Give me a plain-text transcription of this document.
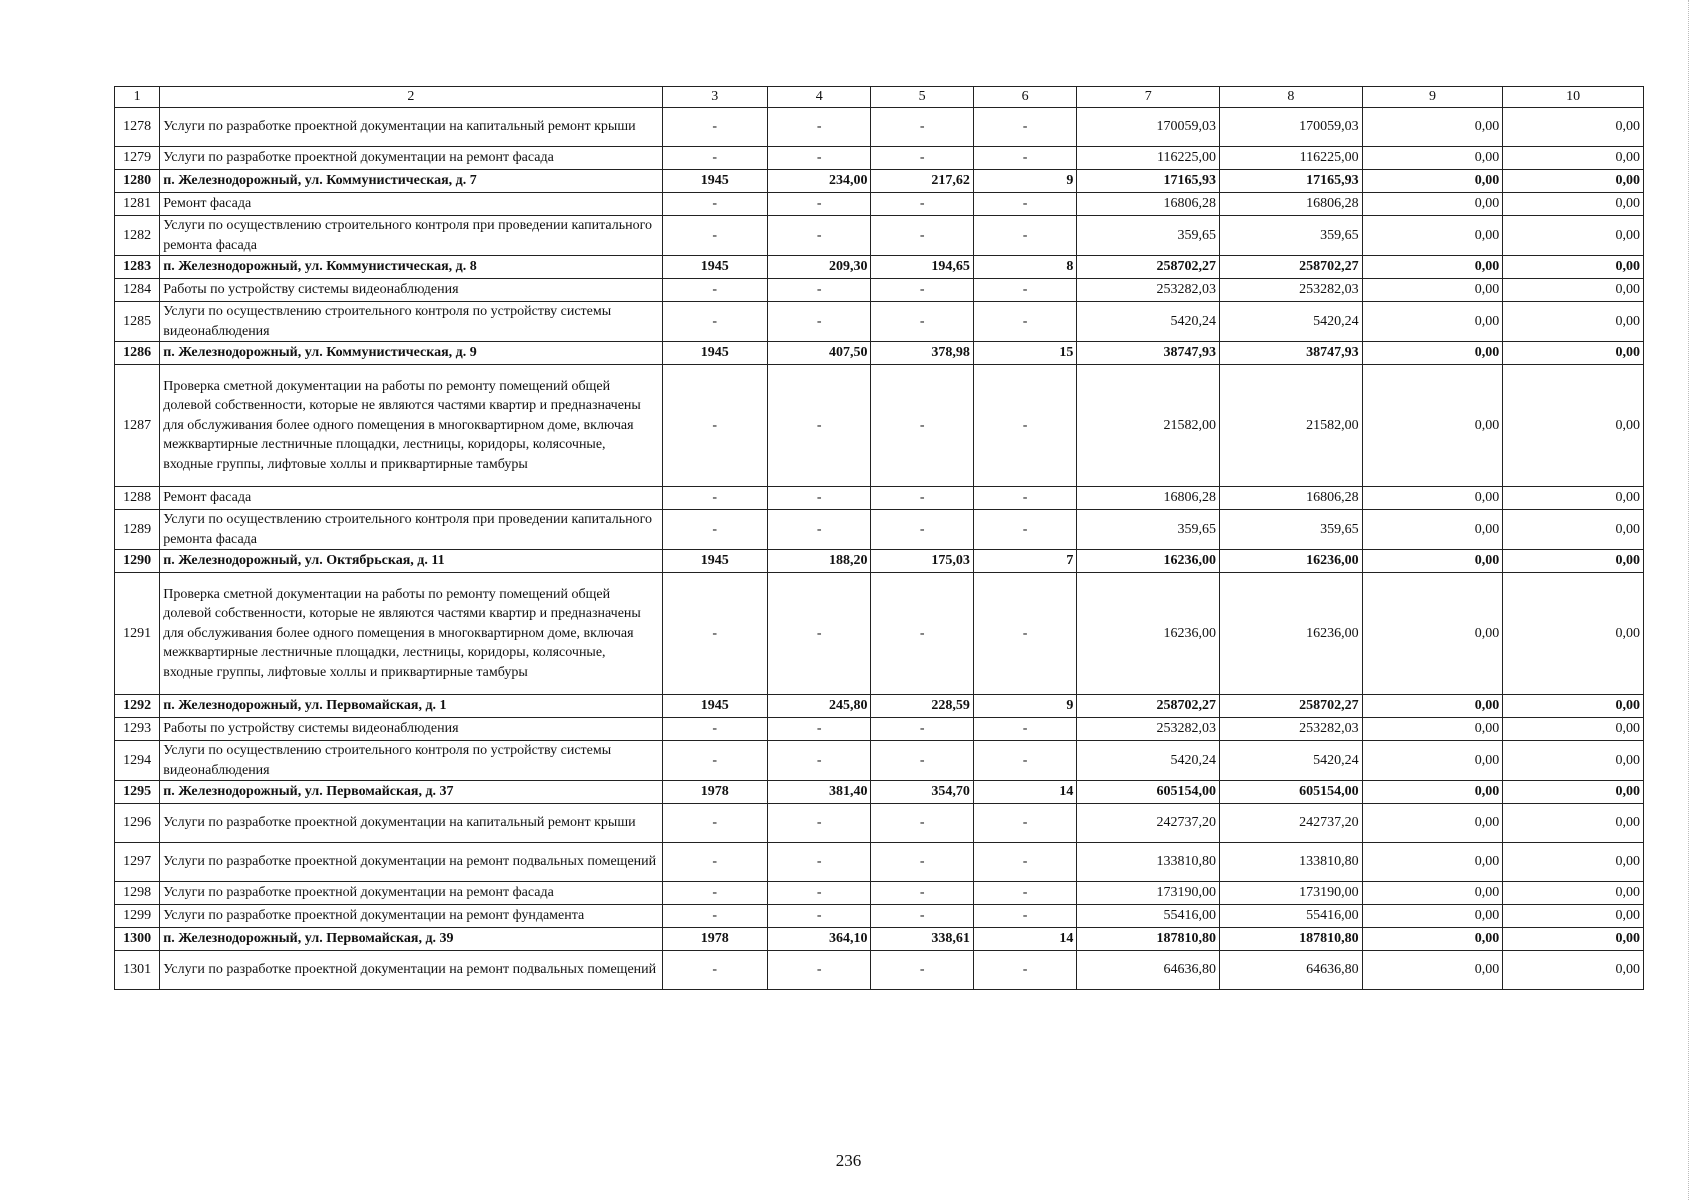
1	2	3	4	5	6	7	8	9	10
1278	Услуги по разработке проектной документации на капитальный ремонт крыши	-	-	-	-	170059,03	170059,03	0,00	0,00
1279	Услуги по разработке проектной документации на ремонт фасада	-	-	-	-	116225,00	116225,00	0,00	0,00
1280	п. Железнодорожный, ул. Коммунистическая, д. 7	1945	234,00	217,62	9	17165,93	17165,93	0,00	0,00
1281	Ремонт фасада	-	-	-	-	16806,28	16806,28	0,00	0,00
1282	Услуги по осуществлению строительного контроля при проведении капитального ремонта фасада	-	-	-	-	359,65	359,65	0,00	0,00
1283	п. Железнодорожный, ул. Коммунистическая, д. 8	1945	209,30	194,65	8	258702,27	258702,27	0,00	0,00
1284	Работы по устройству системы видеонаблюдения	-	-	-	-	253282,03	253282,03	0,00	0,00
1285	Услуги по осуществлению строительного контроля по устройству системы видеонаблюдения	-	-	-	-	5420,24	5420,24	0,00	0,00
1286	п. Железнодорожный, ул. Коммунистическая, д. 9	1945	407,50	378,98	15	38747,93	38747,93	0,00	0,00
1287	Проверка сметной документации на работы по ремонту помещений общей долевой собственности, которые не являются частями квартир и предназначены для обслуживания более одного помещения в многоквартирном доме, включая межквартирные лестничные площадки, лестницы, коридоры, колясочные, входные группы, лифтовые холлы и приквартирные тамбуры	-	-	-	-	21582,00	21582,00	0,00	0,00
1288	Ремонт фасада	-	-	-	-	16806,28	16806,28	0,00	0,00
1289	Услуги по осуществлению строительного контроля при проведении капитального ремонта фасада	-	-	-	-	359,65	359,65	0,00	0,00
1290	п. Железнодорожный, ул. Октябрьская, д. 11	1945	188,20	175,03	7	16236,00	16236,00	0,00	0,00
1291	Проверка сметной документации на работы по ремонту помещений общей долевой собственности, которые не являются частями квартир и предназначены для обслуживания более одного помещения в многоквартирном доме, включая межквартирные лестничные площадки, лестницы, коридоры, колясочные, входные группы, лифтовые холлы и приквартирные тамбуры	-	-	-	-	16236,00	16236,00	0,00	0,00
1292	п. Железнодорожный, ул. Первомайская, д. 1	1945	245,80	228,59	9	258702,27	258702,27	0,00	0,00
1293	Работы по устройству системы видеонаблюдения	-	-	-	-	253282,03	253282,03	0,00	0,00
1294	Услуги по осуществлению строительного контроля по устройству системы видеонаблюдения	-	-	-	-	5420,24	5420,24	0,00	0,00
1295	п. Железнодорожный, ул. Первомайская, д. 37	1978	381,40	354,70	14	605154,00	605154,00	0,00	0,00
1296	Услуги по разработке проектной документации на капитальный ремонт крыши	-	-	-	-	242737,20	242737,20	0,00	0,00
1297	Услуги по разработке проектной документации на ремонт подвальных помещений	-	-	-	-	133810,80	133810,80	0,00	0,00
1298	Услуги по разработке проектной документации на ремонт фасада	-	-	-	-	173190,00	173190,00	0,00	0,00
1299	Услуги по разработке проектной документации на ремонт фундамента	-	-	-	-	55416,00	55416,00	0,00	0,00
1300	п. Железнодорожный, ул. Первомайская, д. 39	1978	364,10	338,61	14	187810,80	187810,80	0,00	0,00
1301	Услуги по разработке проектной документации на ремонт подвальных помещений	-	-	-	-	64636,80	64636,80	0,00	0,00
236
